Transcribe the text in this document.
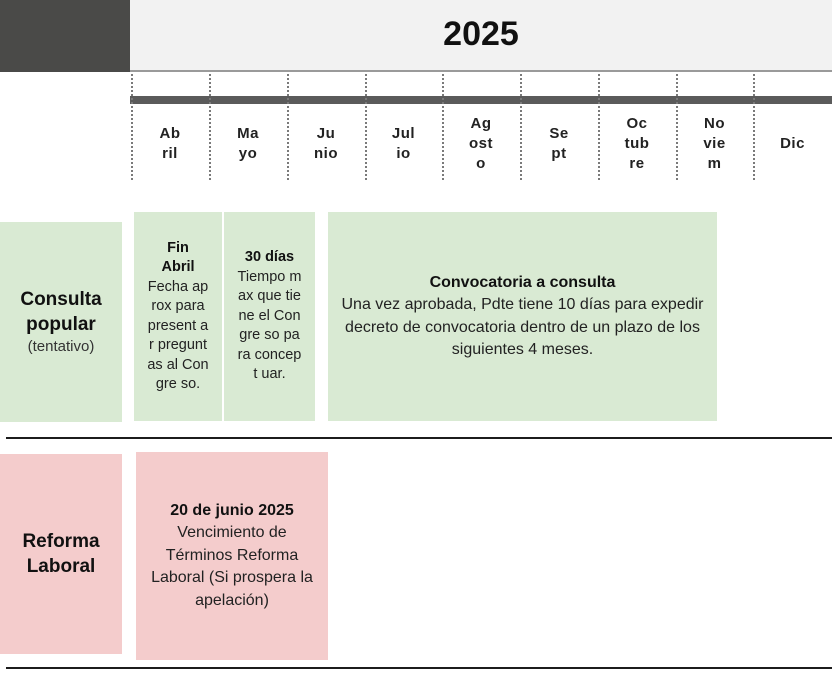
2025
Ab
ril
Ma
yo
Ju
nio
Jul
io
Ag
ost
o
Se
pt
Oc
tub
re
No
vie
m
Dic
Consulta popular
(tentativo)
Fin Abril
Fecha aprox para present ar pregunt as al Congre so.
30 días
Tiempo max que tiene el Congre so para concept uar.
Convocatoria a consulta
Una vez aprobada, Pdte tiene 10 días para expedir decreto de convocatoria dentro de un plazo de los siguientes 4 meses.
Reforma Laboral
20 de junio 2025
Vencimiento de Términos Reforma Laboral (Si prospera la apelación)
